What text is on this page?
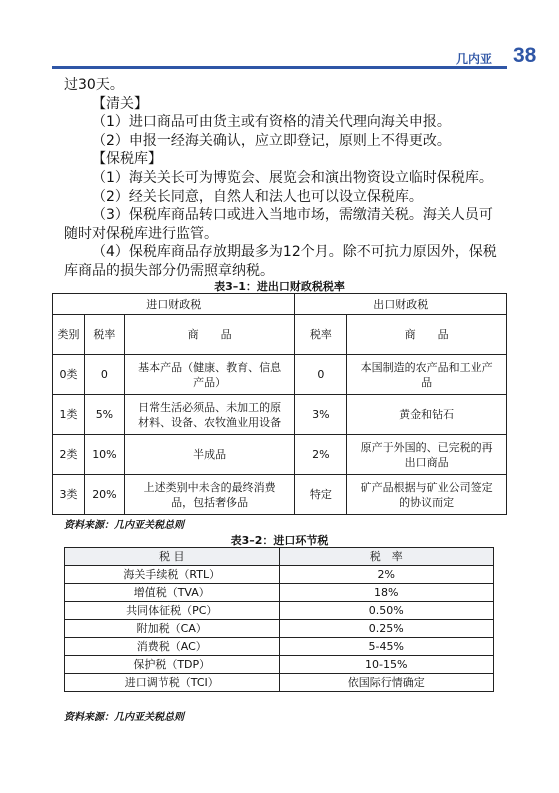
几内亚 38

过30天。

【清关】

（1）进口商品可由货主或有资格的清关代理向海关申报。

（2）申报一经海关确认，应立即登记，原则上不得更改。

【保税库】

（1）海关关长可为博览会、展览会和演出物资设立临时保税库。

（2）经关长同意，自然人和法人也可以设立保税库。

（3）保税库商品转口或进入当地市场，需缴清关税。海关人员可随时对保税库进行监管。

（4）保税库商品存放期最多为12个月。除不可抗力原因外，保税库商品的损失部分仍需照章纳税。

表3–1：进出口财政税税率
进口财政税			出口财政税	
类别	税率	商　　品	税率	商　　品
0类	0	基本产品（健康、教育、信息产品）	0	本国制造的农产品和工业产品
1类	5%	日常生活必须品、未加工的原材料、设备、农牧渔业用设备	3%	黄金和钻石
2类	10%	半成品	2%	原产于外国的、已完税的再出口商品
3类	20%	上述类别中未含的最终消费品，包括奢侈品	特定	矿产品根据与矿业公司签定的协议而定
资料来源：几内亚关税总则
表3–2：进口环节税
税 目	税　率
海关手续税（RTL）	2%
增值税（TVA）	18%
共同体征税（PC）	0.50%
附加税（CA）	0.25%
消费税（AC）	5-45%
保护税（TDP）	10-15%
进口调节税（TCI）	依国际行情确定
资料来源：几内亚关税总则
